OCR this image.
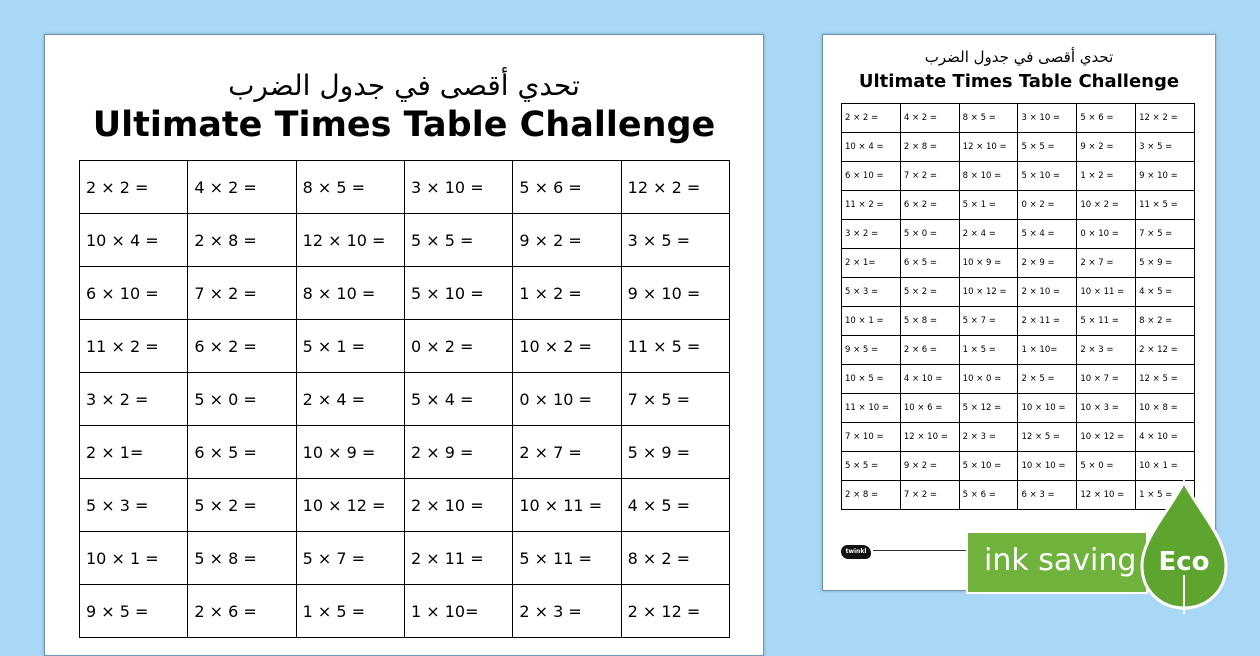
تحدي أقصى في جدول الضرب
Ultimate Times Table Challenge
2 × 2 =	4 × 2 =	8 × 5 =	3 × 10 =	5 × 6 =	12 × 2 =
10 × 4 =	2 × 8 =	12 × 10 =	5 × 5 =	9 × 2 =	3 × 5 =
6 × 10 =	7 × 2 =	8 × 10 =	5 × 10 =	1 × 2 =	9 × 10 =
11 × 2 =	6 × 2 =	5 × 1 =	0 × 2 =	10 × 2 =	11 × 5 =
3 × 2 =	5 × 0 =	2 × 4 =	5 × 4 =	0 × 10 =	7 × 5 =
2 × 1=	6 × 5 =	10 × 9 =	2 × 9 =	2 × 7 =	5 × 9 =
5 × 3 =	5 × 2 =	10 × 12 =	2 × 10 =	10 × 11 =	4 × 5 =
10 × 1 =	5 × 8 =	5 × 7 =	2 × 11 =	5 × 11 =	8 × 2 =
9 × 5 =	2 × 6 =	1 × 5 =	1 × 10=	2 × 3 =	2 × 12 =
تحدي أقصى في جدول الضرب
Ultimate Times Table Challenge
2 × 2 =	4 × 2 =	8 × 5 =	3 × 10 =	5 × 6 =	12 × 2 =
10 × 4 =	2 × 8 =	12 × 10 =	5 × 5 =	9 × 2 =	3 × 5 =
6 × 10 =	7 × 2 =	8 × 10 =	5 × 10 =	1 × 2 =	9 × 10 =
11 × 2 =	6 × 2 =	5 × 1 =	0 × 2 =	10 × 2 =	11 × 5 =
3 × 2 =	5 × 0 =	2 × 4 =	5 × 4 =	0 × 10 =	7 × 5 =
2 × 1=	6 × 5 =	10 × 9 =	2 × 9 =	2 × 7 =	5 × 9 =
5 × 3 =	5 × 2 =	10 × 12 =	2 × 10 =	10 × 11 =	4 × 5 =
10 × 1 =	5 × 8 =	5 × 7 =	2 × 11 =	5 × 11 =	8 × 2 =
9 × 5 =	2 × 6 =	1 × 5 =	1 × 10=	2 × 3 =	2 × 12 =
10 × 5 =	4 × 10 =	10 × 0 =	2 × 5 =	10 × 7 =	12 × 5 =
11 × 10 =	10 × 6 =	5 × 12 =	10 × 10 =	10 × 3 =	10 × 8 =
7 × 10 =	12 × 10 =	2 × 3 =	12 × 5 =	10 × 12 =	4 × 10 =
5 × 5 =	9 × 2 =	5 × 10 =	10 × 10 =	5 × 0 =	10 × 1 =
2 × 8 =	7 × 2 =	5 × 6 =	6 × 3 =	12 × 10 =	1 × 5 =
twinkl	ink saving Eco
